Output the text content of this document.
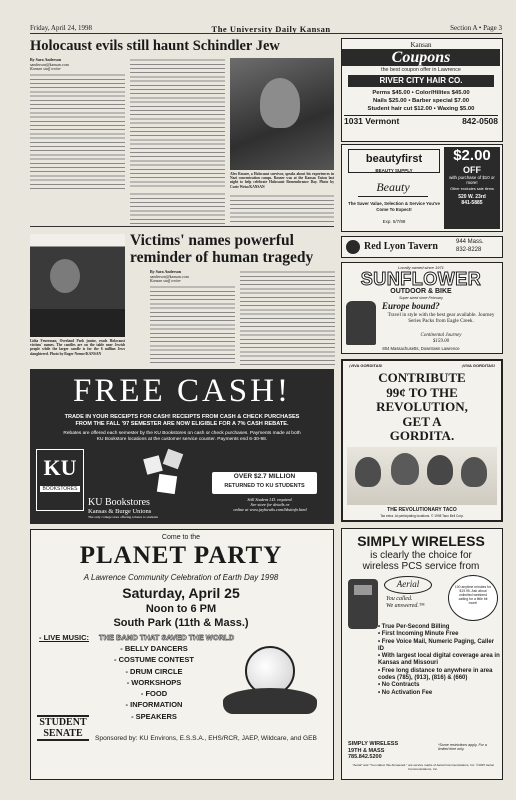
Friday, April 24, 1998	The University Daily Kansan	Section A • Page 3
Holocaust evils still haunt Schindler Jew
By Sara Anderson
sanderson@kansan.com
Kansan staff writer
Alex Rosner, a Holocaust survivor, speaks about his experiences in Nazi concentration camps. Rosner was at the Kansas Union last night to help celebrate Holocaust Remembrance Day. Photo by Curie Weiss/KANSAN
Lidia Feuerman, Overland Park junior, reads Holocaust victims' names. The candles are on the table near Jewish people while the larger candle is for the 6 million Jews slaughtered. Photo by Roger Neeme/KANSAN
Victims' names powerful
reminder of human tragedy
By Sara Anderson
sanderson@kansan.com
Kansan staff writer
FREE CASH!
TRADE IN YOUR RECEIPTS FOR CASH! RECEIPTS FROM CASH & CHECK PURCHASES
FROM THE FALL '97 SEMESTER ARE NOW ELIGIBLE FOR A 7% CASH REBATE.
Rebates are offered each semester by the KU Bookstores on cash or check purchases. Payments made at both
KU Bookstore locations at the customer service counter. Payments end 6-30-98.
KU
BOOKSTORES
OVER $2.7 MILLION
RETURNED TO KU STUDENTS
KU Bookstores
Kansas & Burge Unions
The only college store offering rebates to students
Still Student I.D. required.
See store for details or
online at www.jayhawks.com/bkstinfo.html
Come to the
PLANET PARTY
A Lawrence Community Celebration of Earth Day 1998
Saturday, April 25
Noon to 6 PM
South Park (11th & Mass.)
- LIVE MUSIC: THE BAND THAT SAVED THE WORLD
- BELLY DANCERS
- COSTUME CONTEST
- DRUM CIRCLE
- WORKSHOPS
- FOOD
- INFORMATION
- SPEAKERS
STUDENT
SENATE	Sponsored by: KU Environs, E.S.S.A., EHS/RCR, JAEP, Wildcare, and GEB
Kansan
Coupons
the best coupon offer in Lawrence
RIVER CITY HAIR CO.
Perms $45.00 • Color/Hilites $45.00
Nails $25.00 • Barber special $7.00
Student hair cut $12.00 • Waxing $5.00
1031 Vermont	842-0508
beautyfirst
BEAUTY SUPPLY
Beauty
$2.00
OFF
with purchase of $10 or more!
Other excludes sale items
520 W. 23rd
841-5885
The Saver Value, Selection & Service You've Come To Expect!
Exp. 5/7/98
Red Lyon Tavern	944 Mass.
832-8228
Locally owned since 1971
SUNFLOWER
OUTDOOR & BIKE
Super sized since February
Europe bound?
Travel in style with the best gear available. Journey Series Packs from Eagle Creek.
Continental Journey
$159.00
804 Massachusetts, Downtown Lawrence
¡VIVA GORDITAS!	¡VIVA GORDITAS!
CONTRIBUTE
99¢ TO THE
REVOLUTION,
GET A
GORDITA.
THE REVOLUTIONARY TACO
Tax extra. At participating locations. © 1998 Taco Bell Corp.
SIMPLY WIRELESS
is clearly the choice for
wireless PCS service from
Aerial
You called.
We answered.™
100 anytime minutes for $19.95. Ask about unlimited weekend calling for a little bit more!
• True Per-Second Billing
• First Incoming Minute Free
• Free Voice Mail, Numeric Paging, Caller ID
• With largest local digital coverage area in Kansas and Missouri
• Free long distance to anywhere in area codes (785), (913), (816) & (660)
• No Contracts
• No Activation Fee
SIMPLY WIRELESS
19TH & MASS
785.842.5200
*Some restrictions apply. For a limited time only.
"Aerial" and "You called. We Answered." are service marks of Aerial Communications, Inc. ©1997 Aerial Communications, Inc.
